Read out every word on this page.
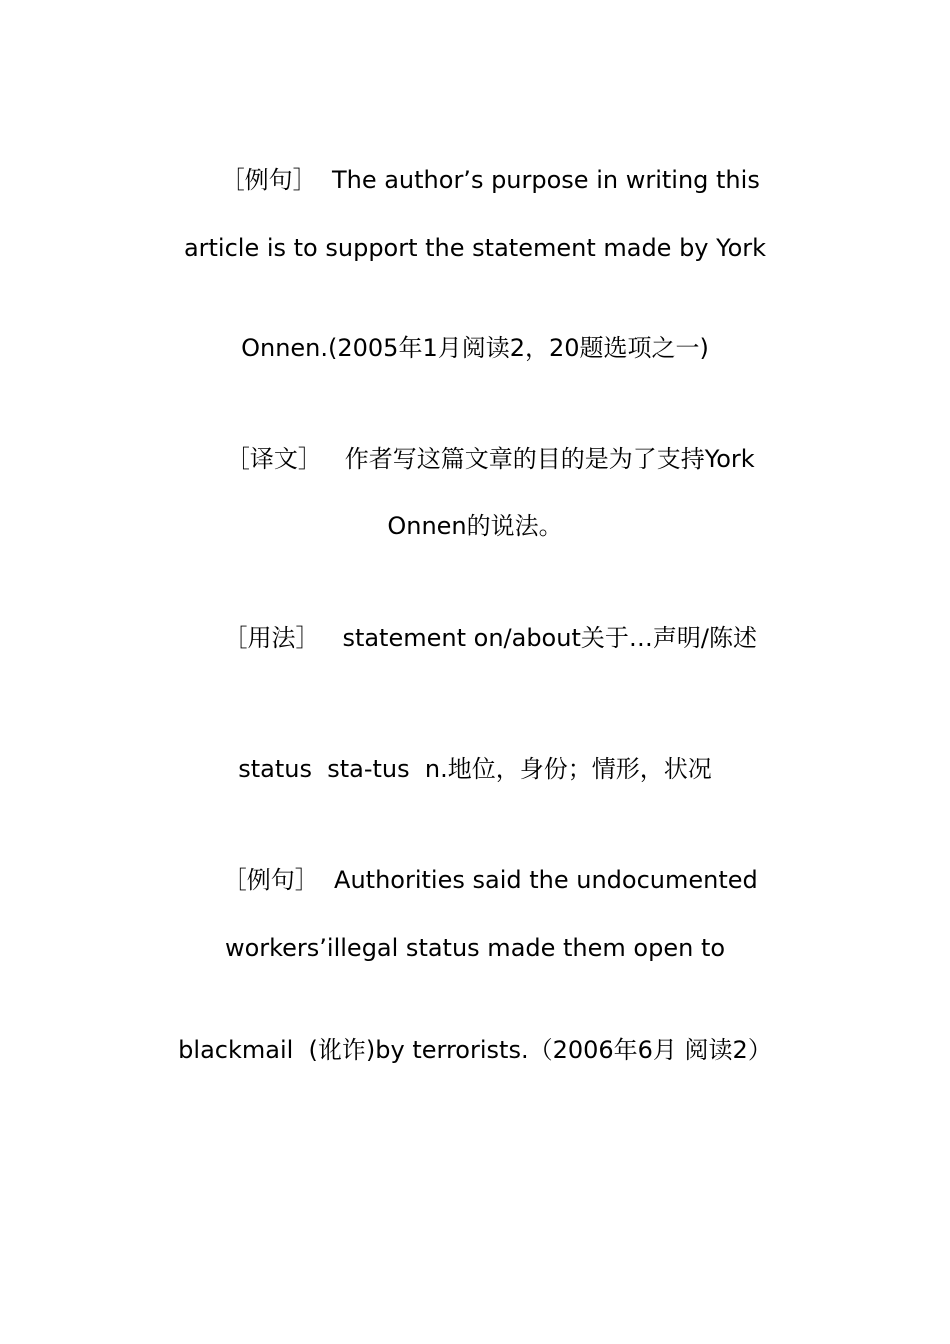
［例句］ The author’s purpose in writing this

article is to support the statement made by York
Onnen.(2005年1月阅读2，20题选项之一)

［译文］ 作者写这篇文章的目的是为了支持York

Onnen的说法。

［用法］ statement on/about关于…声明/陈述

status  sta-tus  n.地位，身份；情形，状况

［例句］ Authorities said the undocumented

workers’illegal status made them open to
blackmail  (讹诈)by terrorists.（2006年6月 阅读2）
